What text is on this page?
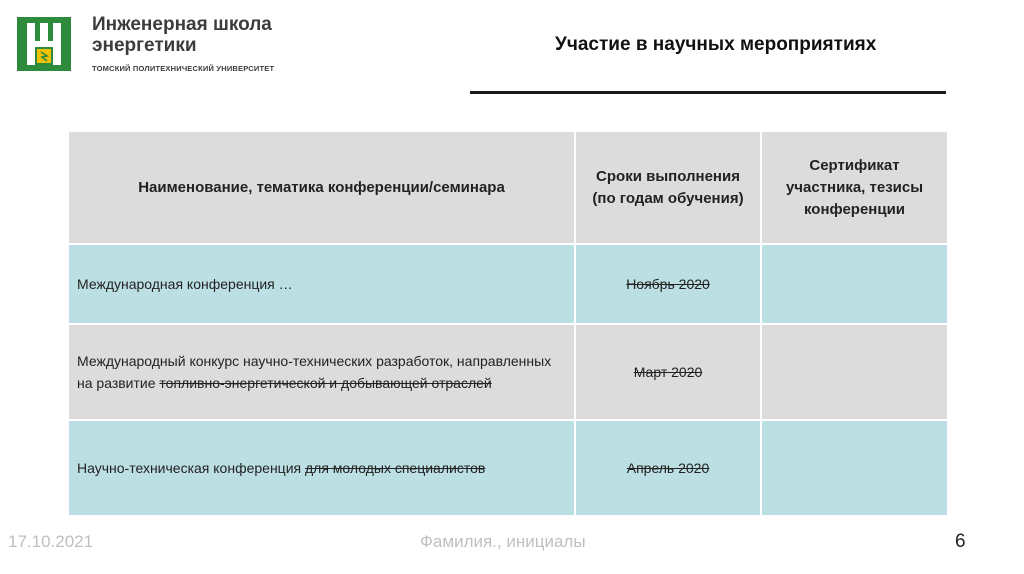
Инженерная школа
энергетики
ТОМСКИЙ ПОЛИТЕХНИЧЕСКИЙ УНИВЕРСИТЕТ
Участие в научных мероприятиях
Наименование, тематика конференции/семинара	Сроки выполнения (по годам обучения)	Сертификат участника, тезисы конференции
Международная конференция …	Ноябрь 2020	
Международный конкурс научно-технических разработок, направленных на развитие топливно-энергетической и добывающей отраслей	Март 2020	
Научно-техническая конференция для молодых специалистов	Апрель 2020	
17.10.2021	Фамилия., инициалы	6
